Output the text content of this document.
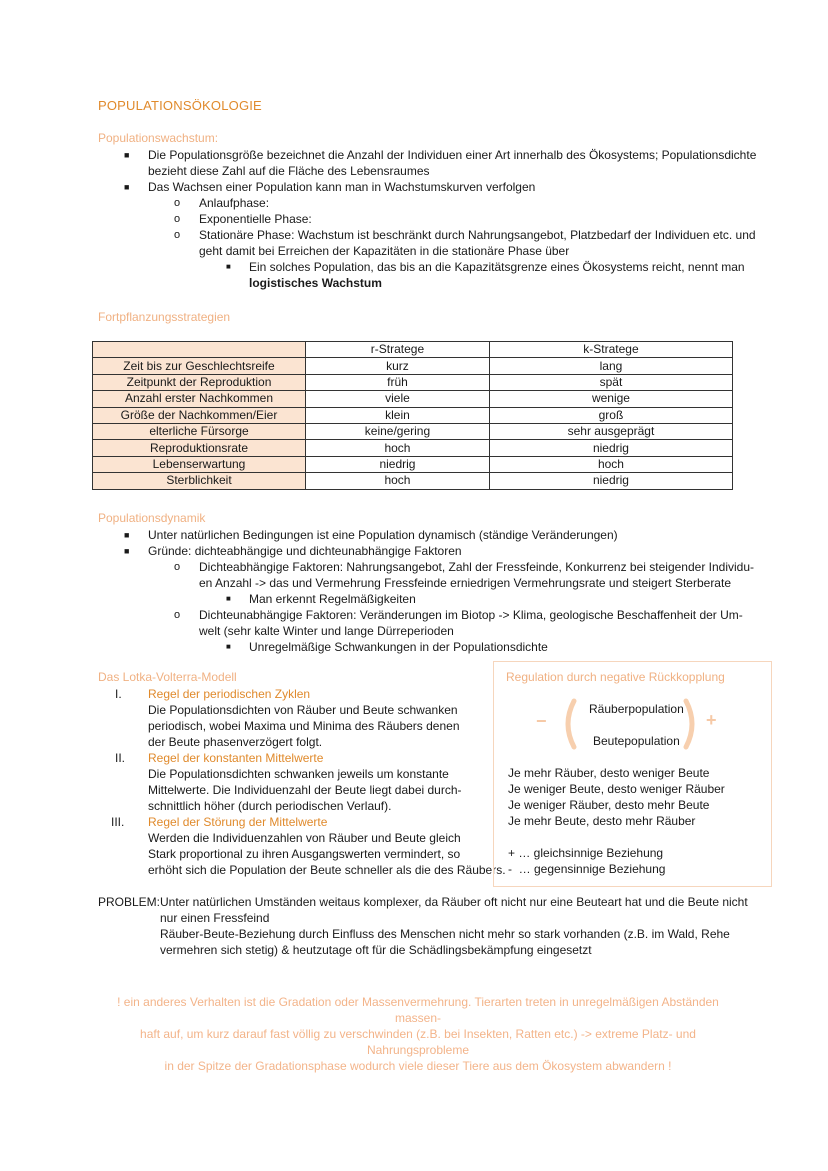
POPULATIONSÖKOLOGIE
Populationswachstum:
■ Die Populationsgröße bezeichnet die Anzahl der Individuen einer Art innerhalb des Ökosystems; Populationsdichte
bezieht diese Zahl auf die Fläche des Lebensraumes
■ Das Wachsen einer Population kann man in Wachstumskurven verfolgen
o Anlaufphase:
o Exponentielle Phase:
o Stationäre Phase: Wachstum ist beschränkt durch Nahrungsangebot, Platzbedarf der Individuen etc. und
geht damit bei Erreichen der Kapazitäten in die stationäre Phase über
■ Ein solches Population, das bis an die Kapazitätsgrenze eines Ökosystems reicht, nennt man
logistisches Wachstum
Fortpflanzungsstrategien
	r-Stratege	k-Stratege
Zeit bis zur Geschlechtsreife	kurz	lang
Zeitpunkt der Reproduktion	früh	spät
Anzahl erster Nachkommen	viele	wenige
Größe der Nachkommen/Eier	klein	groß
elterliche Fürsorge	keine/gering	sehr ausgeprägt
Reproduktionsrate	hoch	niedrig
Lebenserwartung	niedrig	hoch
Sterblichkeit	hoch	niedrig
Populationsdynamik
■ Unter natürlichen Bedingungen ist eine Population dynamisch (ständige Veränderungen)
■ Gründe: dichteabhängige und dichteunabhängige Faktoren
o Dichteabhängige Faktoren: Nahrungsangebot, Zahl der Fressfeinde, Konkurrenz bei steigender Individu-
en Anzahl -> das und Vermehrung Fressfeinde erniedrigen Vermehrungsrate und steigert Sterberate
■ Man erkennt Regelmäßigkeiten
o Dichteunabhängige Faktoren: Veränderungen im Biotop -> Klima, geologische Beschaffenheit der Um-
welt (sehr kalte Winter und lange Dürreperioden
■ Unregelmäßige Schwankungen in der Populationsdichte
Das Lotka-Volterra-Modell
I. Regel der periodischen Zyklen
Die Populationsdichten von Räuber und Beute schwanken
periodisch, wobei Maxima und Minima des Räubers denen
der Beute phasenverzögert folgt.
II. Regel der konstanten Mittelwerte
Die Populationsdichten schwanken jeweils um konstante
Mittelwerte. Die Individuenzahl der Beute liegt dabei durch-
schnittlich höher (durch periodischen Verlauf).
III. Regel der Störung der Mittelwerte
Werden die Individuenzahlen von Räuber und Beute gleich
Stark proportional zu ihren Ausgangswerten vermindert, so
erhöht sich die Population der Beute schneller als die des Räubers.
Regulation durch negative Rückkopplung
−	+
Räuberpopulation
Beutepopulation
Je mehr Räuber, desto weniger Beute
Je weniger Beute, desto weniger Räuber
Je weniger Räuber, desto mehr Beute
Je mehr Beute, desto mehr Räuber
+ … gleichsinnige Beziehung
-  … gegensinnige Beziehung
PROBLEM: Unter natürlichen Umständen weitaus komplexer, da Räuber oft nicht nur eine Beuteart hat und die Beute nicht
nur einen Fressfeind
Räuber-Beute-Beziehung durch Einfluss des Menschen nicht mehr so stark vorhanden (z.B. im Wald, Rehe
vermehren sich stetig) & heutzutage oft für die Schädlingsbekämpfung eingesetzt
! ein anderes Verhalten ist die Gradation oder Massenvermehrung. Tierarten treten in unregelmäßigen Abständen massen-
haft auf, um kurz darauf fast völlig zu verschwinden (z.B. bei Insekten, Ratten etc.) -> extreme Platz- und Nahrungsprobleme
in der Spitze der Gradationsphase wodurch viele dieser Tiere aus dem Ökosystem abwandern !
